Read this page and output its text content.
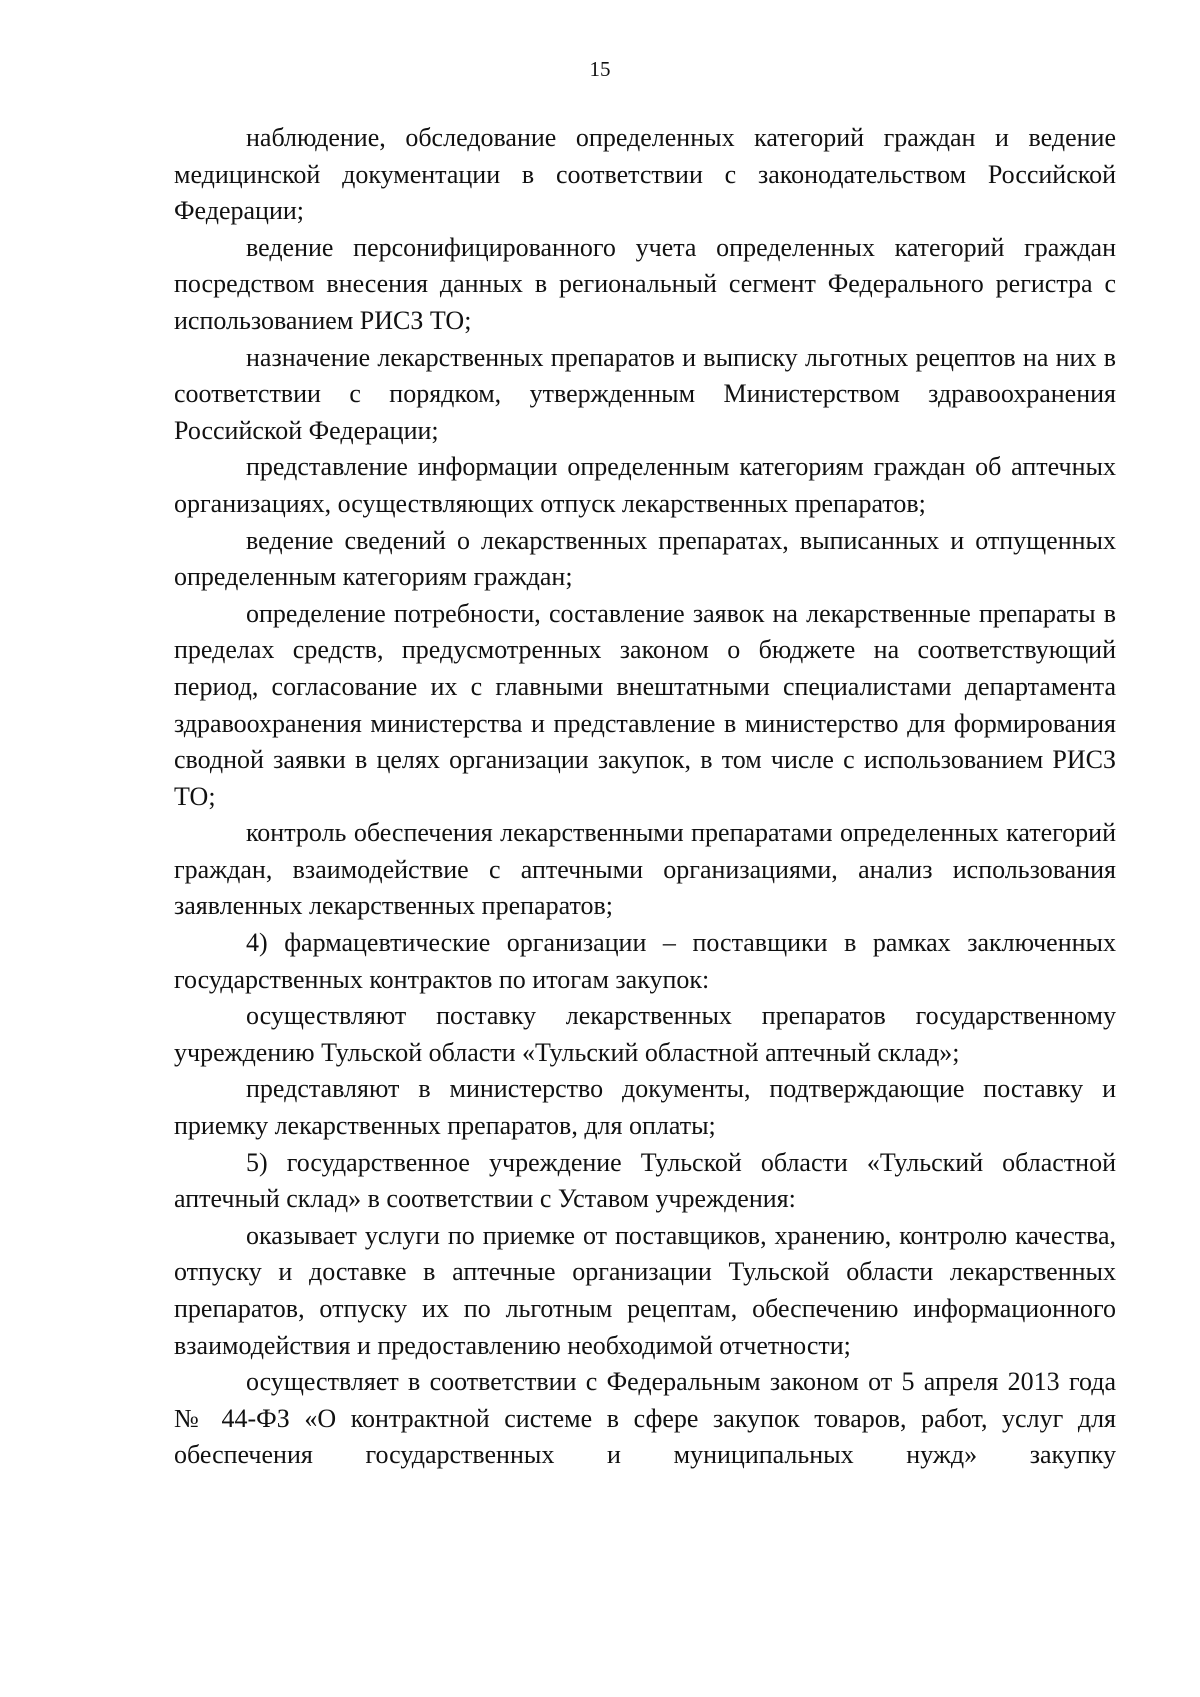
15

наблюдение, обследование определенных категорий граждан и ведение медицинской документации в соответствии с законодательством Российской Федерации;

ведение персонифицированного учета определенных категорий граждан посредством внесения данных в региональный сегмент Федерального регистра с использованием РИСЗ ТО;

назначение лекарственных препаратов и выписку льготных рецептов на них в соответствии с порядком, утвержденным Министерством здравоохранения Российской Федерации;

представление информации определенным категориям граждан об аптечных организациях, осуществляющих отпуск лекарственных препаратов;

ведение сведений о лекарственных препаратах, выписанных и отпущенных определенным категориям граждан;

определение потребности, составление заявок на лекарственные препараты в пределах средств, предусмотренных законом о бюджете на соответствующий период, согласование их с главными внештатными специалистами департамента здравоохранения министерства и представление в министерство для формирования сводной заявки в целях организации закупок, в том числе с использованием РИСЗ ТО;

контроль обеспечения лекарственными препаратами определенных категорий граждан, взаимодействие с аптечными организациями, анализ использования заявленных лекарственных препаратов;

4) фармацевтические организации – поставщики в рамках заключенных государственных контрактов по итогам закупок:

осуществляют поставку лекарственных препаратов государственному учреждению Тульской области «Тульский областной аптечный склад»;

представляют в министерство документы, подтверждающие поставку и приемку лекарственных препаратов, для оплаты;

5) государственное учреждение Тульской области «Тульский областной аптечный склад» в соответствии с Уставом учреждения:

оказывает услуги по приемке от поставщиков, хранению, контролю качества, отпуску и доставке в аптечные организации Тульской области лекарственных препаратов, отпуску их по льготным рецептам, обеспечению информационного взаимодействия и предоставлению необходимой отчетности;

осуществляет в соответствии с Федеральным законом от 5 апреля 2013 года № 44-ФЗ «О контрактной системе в сфере закупок товаров, работ, услуг для обеспечения государственных и муниципальных нужд» закупку
